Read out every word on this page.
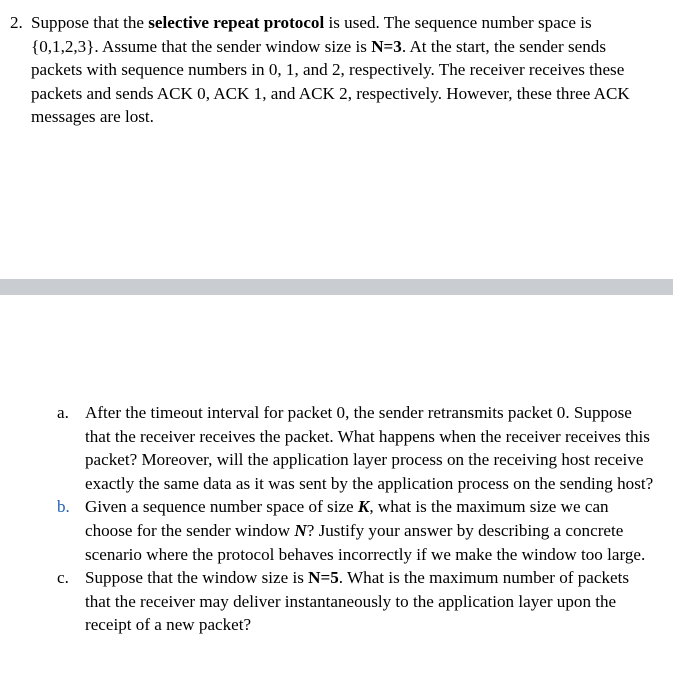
2. Suppose that the selective repeat protocol is used. The sequence number space is {0,1,2,3}. Assume that the sender window size is N=3. At the start, the sender sends packets with sequence numbers in 0, 1, and 2, respectively. The receiver receives these packets and sends ACK 0, ACK 1, and ACK 2, respectively. However, these three ACK messages are lost.
a. After the timeout interval for packet 0, the sender retransmits packet 0. Suppose that the receiver receives the packet. What happens when the receiver receives this packet? Moreover, will the application layer process on the receiving host receive exactly the same data as it was sent by the application process on the sending host?
b. Given a sequence number space of size K, what is the maximum size we can choose for the sender window N? Justify your answer by describing a concrete scenario where the protocol behaves incorrectly if we make the window too large.
c. Suppose that the window size is N=5. What is the maximum number of packets that the receiver may deliver instantaneously to the application layer upon the receipt of a new packet?
